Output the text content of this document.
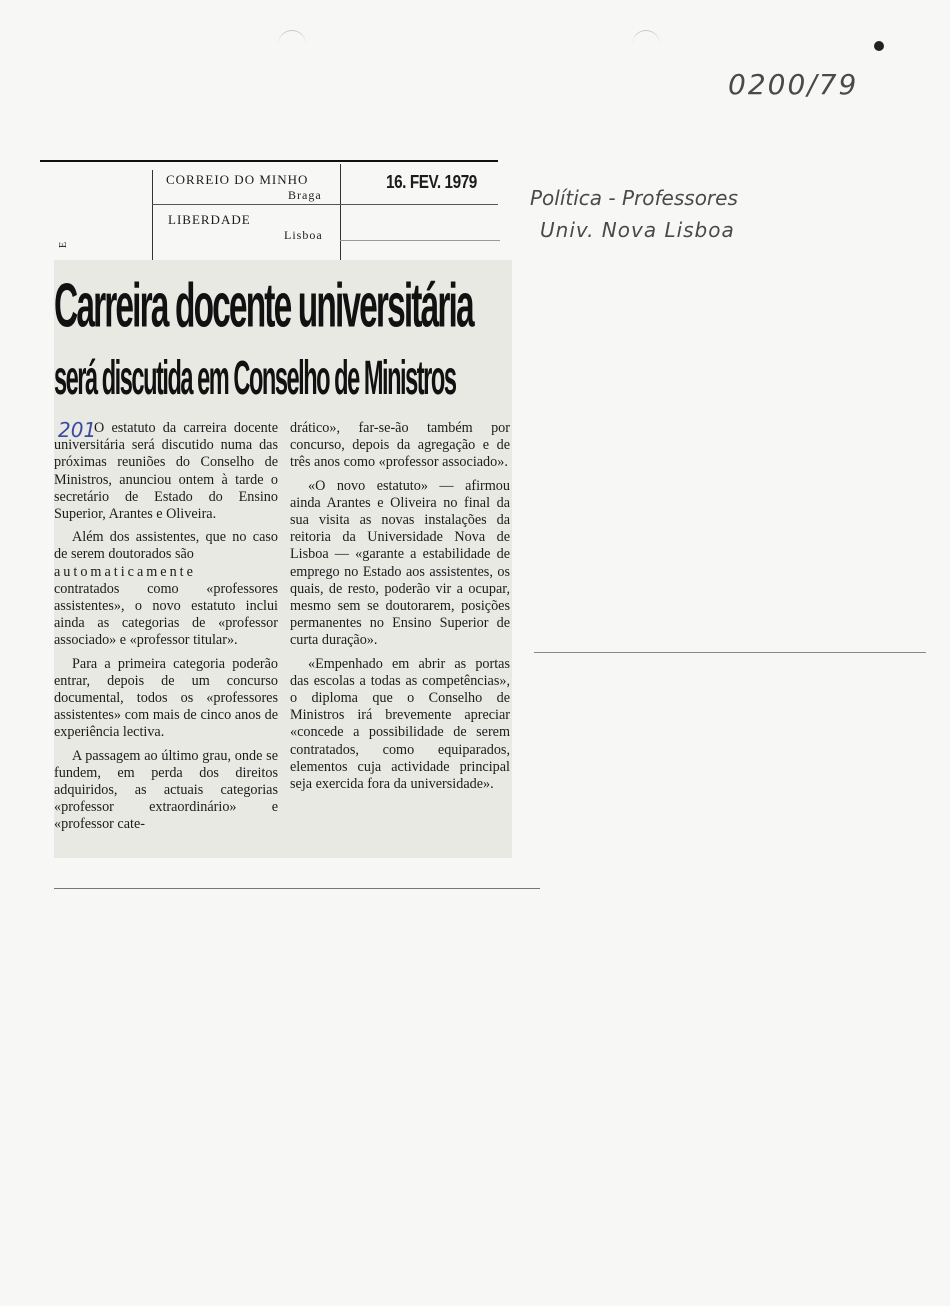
0200/79
Política - Professores
Univ. Nova Lisboa
CORREIO DO MINHO
Braga
LIBERDADE
Lisboa
16. FEV. 1979
E
Carreira docente universitária
será discutida em Conselho de Ministros
201

O estatuto da carreira docente universitária será discutido numa das próximas reuniões do Conselho de Ministros, anunciou ontem à tarde o secretário de Estado do Ensino Superior, Arantes e Oliveira.

Além dos assistentes, que no caso de serem doutorados são

automaticamente

contratados como «professores assistentes», o novo estatuto inclui ainda as categorias de «professor associado» e «professor titular».

Para a primeira categoria poderão entrar, depois de um concurso documental, todos os «professores assistentes» com mais de cinco anos de experiência lectiva.

A passagem ao último grau, onde se fundem, em perda dos direitos adquiridos, as actuais categorias «professor extraordinário» e «professor cate-

drático», far-se-ão também por concurso, depois da agregação e de três anos como «professor associado».

«O novo estatuto» — afirmou ainda Arantes e Oliveira no final da sua visita as novas instalações da reitoria da Universidade Nova de Lisboa — «garante a estabilidade de emprego no Estado aos assistentes, os quais, de resto, poderão vir a ocupar, mesmo sem se doutorarem, posições permanentes no Ensino Superior de curta duração».

«Empenhado em abrir as portas das escolas a todas as competências», o diploma que o Conselho de Ministros irá brevemente apreciar «concede a possibilidade de serem contratados, como equiparados, elementos cuja actividade principal seja exercida fora da universidade».
